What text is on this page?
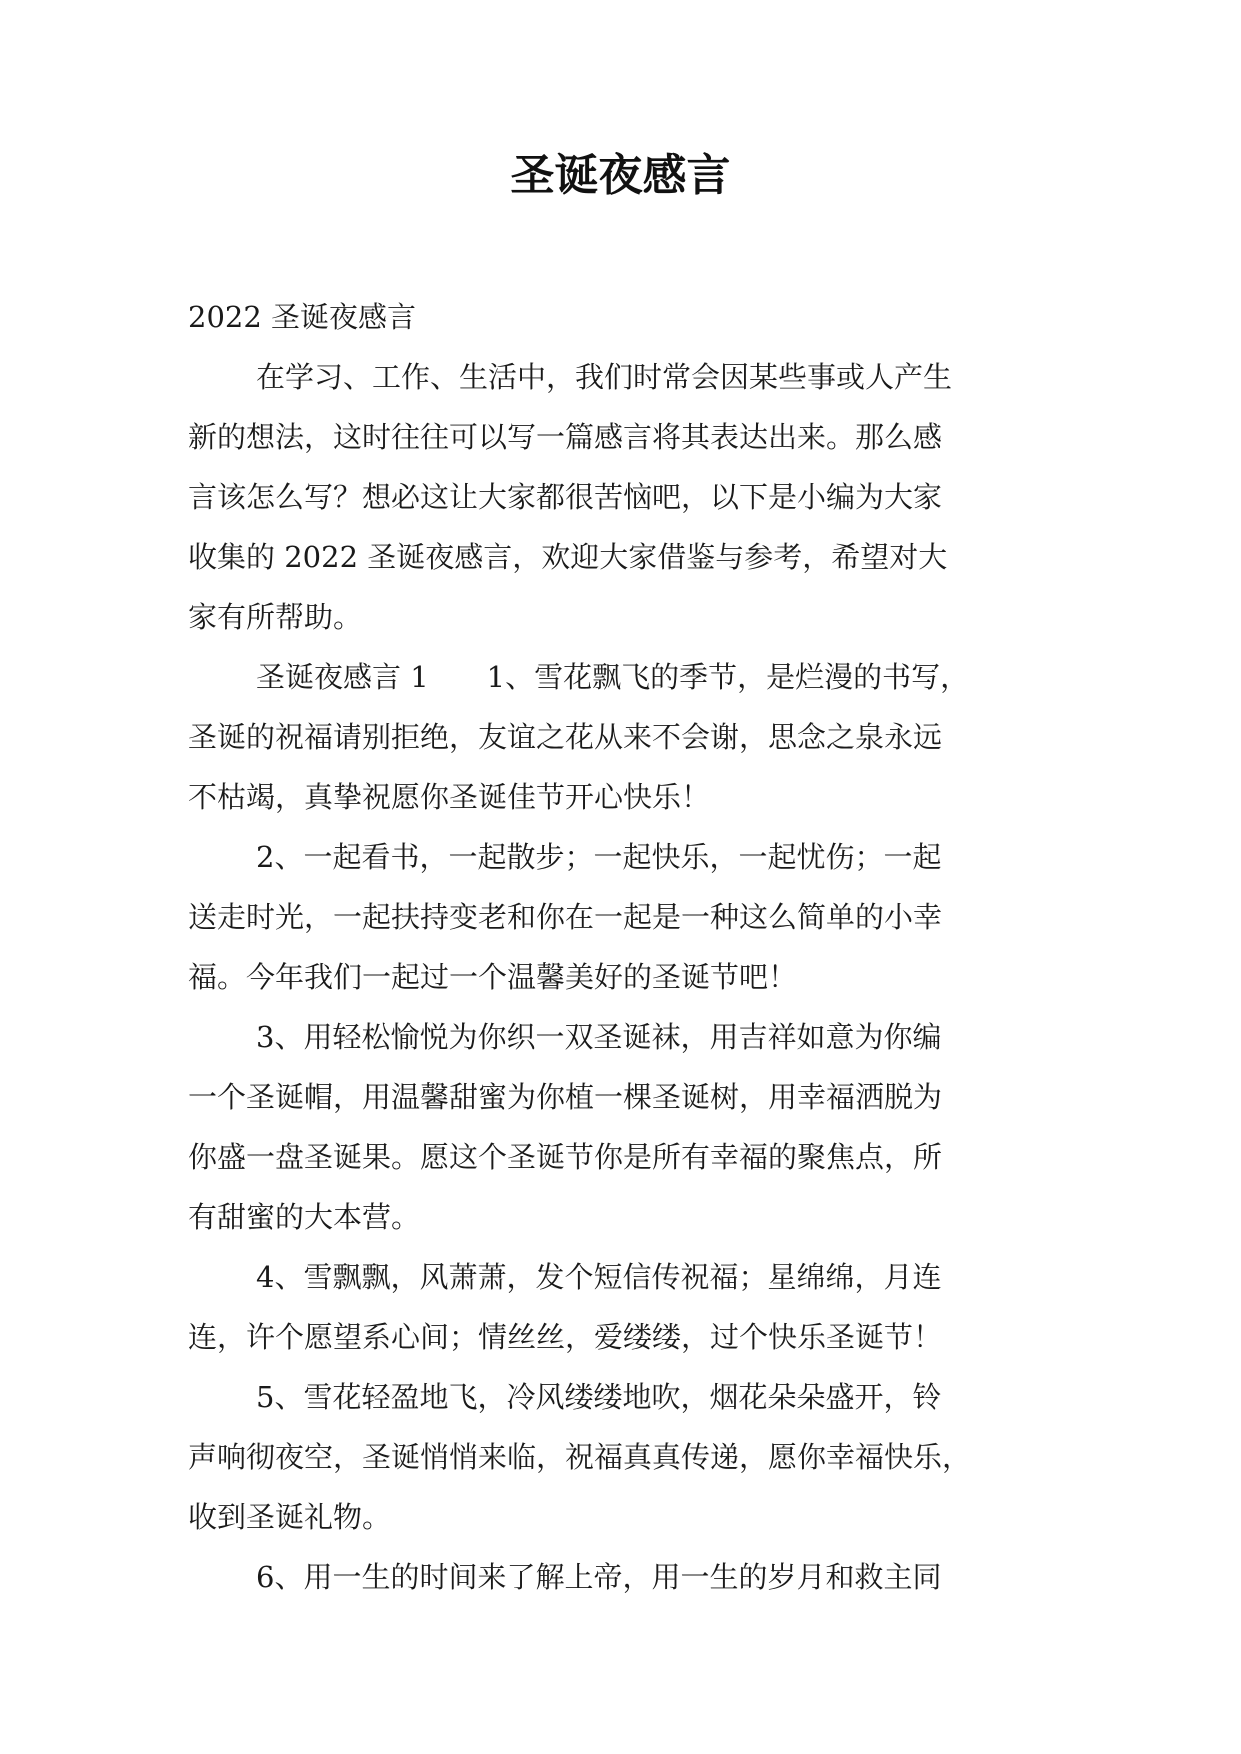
圣诞夜感言
2022 圣诞夜感言
在学习、工作、生活中，我们时常会因某些事或人产生
新的想法，这时往往可以写一篇感言将其表达出来。那么感
言该怎么写？想必这让大家都很苦恼吧，以下是小编为大家
收集的 2022 圣诞夜感言，欢迎大家借鉴与参考，希望对大
家有所帮助。
圣诞夜感言 1　　1、雪花飘飞的季节，是烂漫的书写，
圣诞的祝福请别拒绝，友谊之花从来不会谢，思念之泉永远
不枯竭，真挚祝愿你圣诞佳节开心快乐！
2、一起看书，一起散步；一起快乐，一起忧伤；一起
送走时光，一起扶持变老和你在一起是一种这么简单的小幸
福。今年我们一起过一个温馨美好的圣诞节吧！
3、用轻松愉悦为你织一双圣诞袜，用吉祥如意为你编
一个圣诞帽，用温馨甜蜜为你植一棵圣诞树，用幸福洒脱为
你盛一盘圣诞果。愿这个圣诞节你是所有幸福的聚焦点，所
有甜蜜的大本营。
4、雪飘飘，风萧萧，发个短信传祝福；星绵绵，月连
连，许个愿望系心间；情丝丝，爱缕缕，过个快乐圣诞节！
5、雪花轻盈地飞，冷风缕缕地吹，烟花朵朵盛开，铃
声响彻夜空，圣诞悄悄来临，祝福真真传递，愿你幸福快乐，
收到圣诞礼物。
6、用一生的时间来了解上帝，用一生的岁月和救主同
